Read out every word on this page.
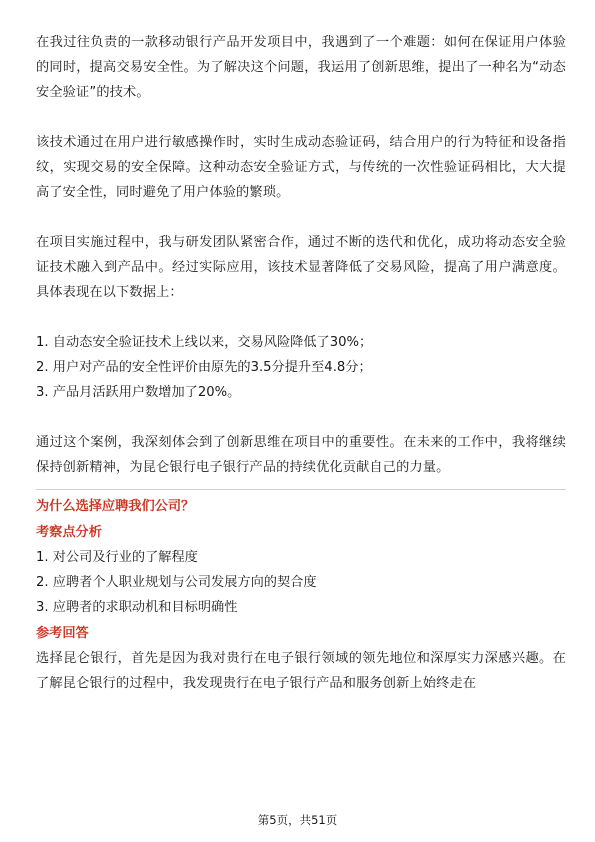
在我过往负责的一款移动银行产品开发项目中，我遇到了一个难题：如何在保证用户体验的同时，提高交易安全性。为了解决这个问题，我运用了创新思维，提出了一种名为“动态安全验证”的技术。

该技术通过在用户进行敏感操作时，实时生成动态验证码，结合用户的行为特征和设备指纹，实现交易的安全保障。这种动态安全验证方式，与传统的一次性验证码相比，大大提高了安全性，同时避免了用户体验的繁琐。

在项目实施过程中，我与研发团队紧密合作，通过不断的迭代和优化，成功将动态安全验证技术融入到产品中。经过实际应用，该技术显著降低了交易风险，提高了用户满意度。具体表现在以下数据上：

1. 自动态安全验证技术上线以来，交易风险降低了30%；

2. 用户对产品的安全性评价由原先的3.5分提升至4.8分；

3. 产品月活跃用户数增加了20%。

通过这个案例，我深刻体会到了创新思维在项目中的重要性。在未来的工作中，我将继续保持创新精神，为昆仑银行电子银行产品的持续优化贡献自己的力量。

为什么选择应聘我们公司？

考察点分析

1. 对公司及行业的了解程度

2. 应聘者个人职业规划与公司发展方向的契合度

3. 应聘者的求职动机和目标明确性

参考回答

选择昆仑银行，首先是因为我对贵行在电子银行领域的领先地位和深厚实力深感兴趣。在了解昆仑银行的过程中，我发现贵行在电子银行产品和服务创新上始终走在

第5页，共51页
